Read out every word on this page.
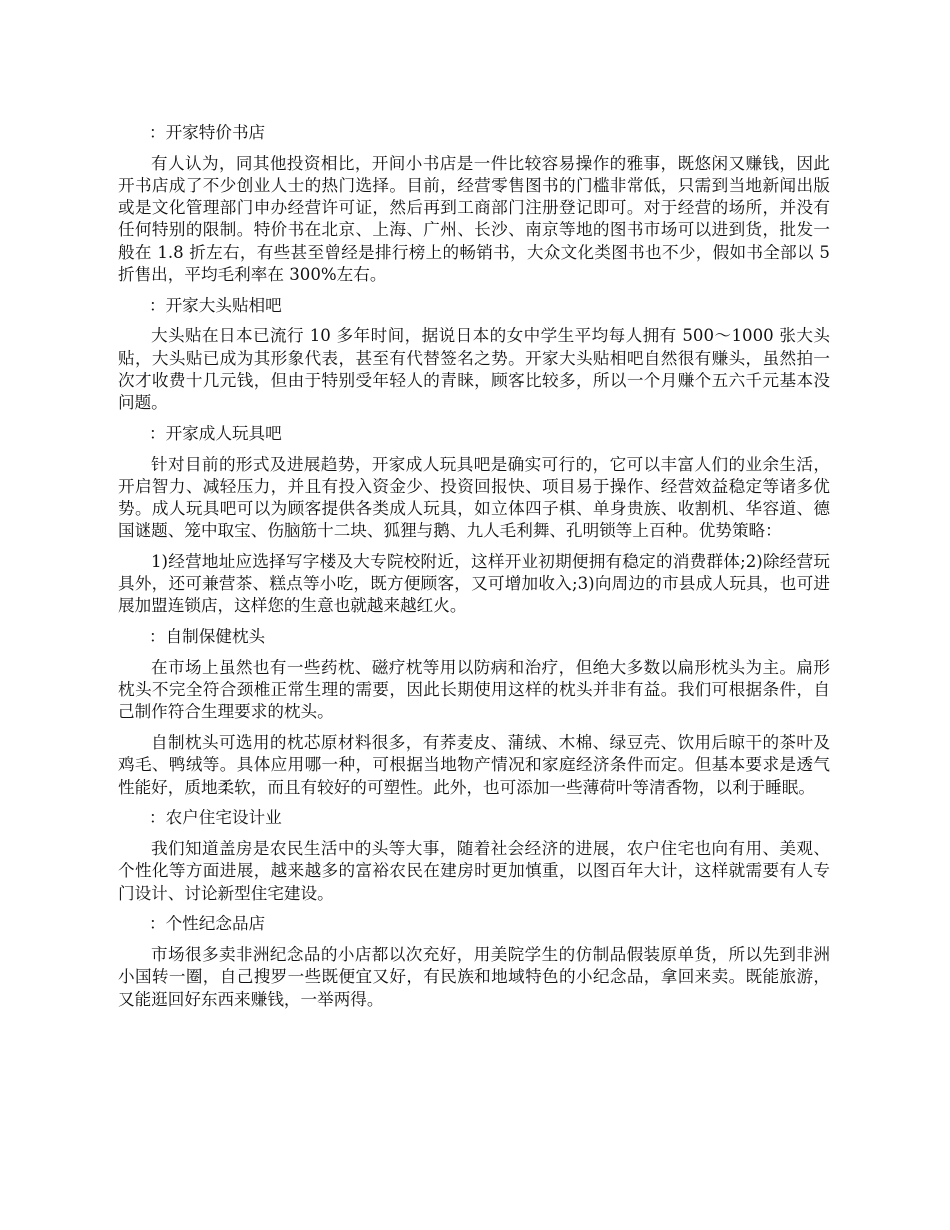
：开家特价书店

有人认为，同其他投资相比，开间小书店是一件比较容易操作的雅事，既悠闲又赚钱，因此开书店成了不少创业人士的热门选择。目前，经营零售图书的门槛非常低，只需到当地新闻出版或是文化管理部门申办经营许可证，然后再到工商部门注册登记即可。对于经营的场所，并没有任何特别的限制。特价书在北京、上海、广州、长沙、南京等地的图书市场可以进到货，批发一般在 1.8 折左右，有些甚至曾经是排行榜上的畅销书，大众文化类图书也不少，假如书全部以 5 折售出，平均毛利率在 300%左右。

：开家大头贴相吧

大头贴在日本已流行 10 多年时间，据说日本的女中学生平均每人拥有 500～1000 张大头贴，大头贴已成为其形象代表，甚至有代替签名之势。开家大头贴相吧自然很有赚头，虽然拍一次才收费十几元钱，但由于特别受年轻人的青睐，顾客比较多，所以一个月赚个五六千元基本没问题。

：开家成人玩具吧

针对目前的形式及进展趋势，开家成人玩具吧是确实可行的，它可以丰富人们的业余生活，开启智力、减轻压力，并且有投入资金少、投资回报快、项目易于操作、经营效益稳定等诸多优势。成人玩具吧可以为顾客提供各类成人玩具，如立体四子棋、单身贵族、收割机、华容道、德国谜题、笼中取宝、伤脑筋十二块、狐狸与鹅、九人毛利舞、孔明锁等上百种。优势策略：

1)经营地址应选择写字楼及大专院校附近，这样开业初期便拥有稳定的消费群体;2)除经营玩具外，还可兼营茶、糕点等小吃，既方便顾客，又可增加收入;3)向周边的市县成人玩具，也可进展加盟连锁店，这样您的生意也就越来越红火。

：自制保健枕头

在市场上虽然也有一些药枕、磁疗枕等用以防病和治疗，但绝大多数以扁形枕头为主。扁形枕头不完全符合颈椎正常生理的需要，因此长期使用这样的枕头并非有益。我们可根据条件，自己制作符合生理要求的枕头。

自制枕头可选用的枕芯原材料很多，有荞麦皮、蒲绒、木棉、绿豆壳、饮用后晾干的茶叶及鸡毛、鸭绒等。具体应用哪一种，可根据当地物产情况和家庭经济条件而定。但基本要求是透气性能好，质地柔软，而且有较好的可塑性。此外，也可添加一些薄荷叶等清香物，以利于睡眠。

：农户住宅设计业

我们知道盖房是农民生活中的头等大事，随着社会经济的进展，农户住宅也向有用、美观、个性化等方面进展，越来越多的富裕农民在建房时更加慎重，以图百年大计，这样就需要有人专门设计、讨论新型住宅建设。

：个性纪念品店

市场很多卖非洲纪念品的小店都以次充好，用美院学生的仿制品假装原单货，所以先到非洲小国转一圈，自己搜罗一些既便宜又好，有民族和地域特色的小纪念品，拿回来卖。既能旅游，又能逛回好东西来赚钱，一举两得。
